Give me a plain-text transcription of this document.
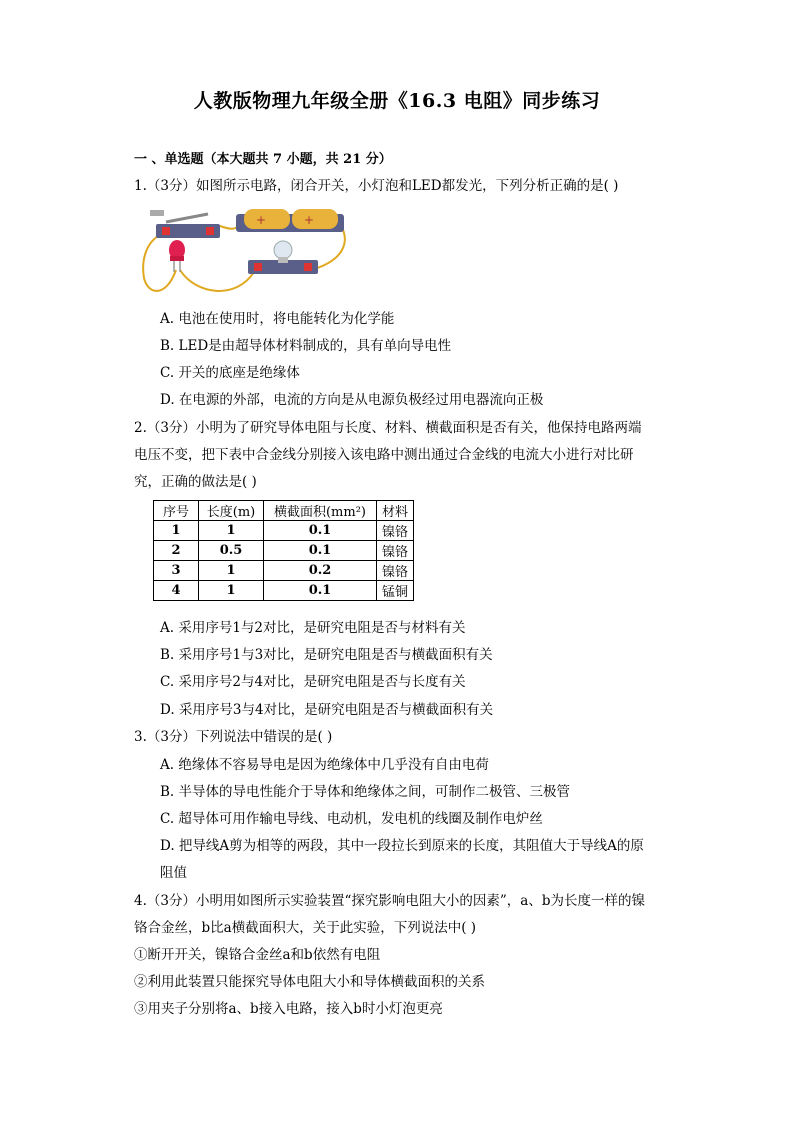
人教版物理九年级全册《16.3 电阻》同步练习
一 、单选题（本大题共 7 小题，共 21 分）
1.（3分）如图所示电路，闭合开关，小灯泡和LED都发光，下列分析正确的是( )
+	+
A. 电池在使用时，将电能转化为化学能
B. LED是由超导体材料制成的，具有单向导电性
C. 开关的底座是绝缘体
D. 在电源的外部，电流的方向是从电源负极经过用电器流向正极
2.（3分）小明为了研究导体电阻与长度、材料、横截面积是否有关，他保持电路两端
电压不变，把下表中合金线分别接入该电路中测出通过合金线的电流大小进行对比研
究，正确的做法是( )
序号	长度(m)	横截面积(mm²)	材料
1	1	0.1	镍铬
2	0.5	0.1	镍铬
3	1	0.2	镍铬
4	1	0.1	锰铜
A. 采用序号1与2对比，是研究电阻是否与材料有关
B. 采用序号1与3对比，是研究电阻是否与横截面积有关
C. 采用序号2与4对比，是研究电阻是否与长度有关
D. 采用序号3与4对比，是研究电阻是否与横截面积有关
3.（3分）下列说法中错误的是( )
A. 绝缘体不容易导电是因为绝缘体中几乎没有自由电荷
B. 半导体的导电性能介于导体和绝缘体之间，可制作二极管、三极管
C. 超导体可用作输电导线、电动机，发电机的线圈及制作电炉丝
D. 把导线A剪为相等的两段，其中一段拉长到原来的长度，其阻值大于导线A的原
阻值
4.（3分）小明用如图所示实验装置“探究影响电阻大小的因素”，a、b为长度一样的镍
铬合金丝，b比a横截面积大，关于此实验，下列说法中( )
①断开开关，镍铬合金丝a和b依然有电阻
②利用此装置只能探究导体电阻大小和导体横截面积的关系
③用夹子分别将a、b接入电路，接入b时小灯泡更亮
